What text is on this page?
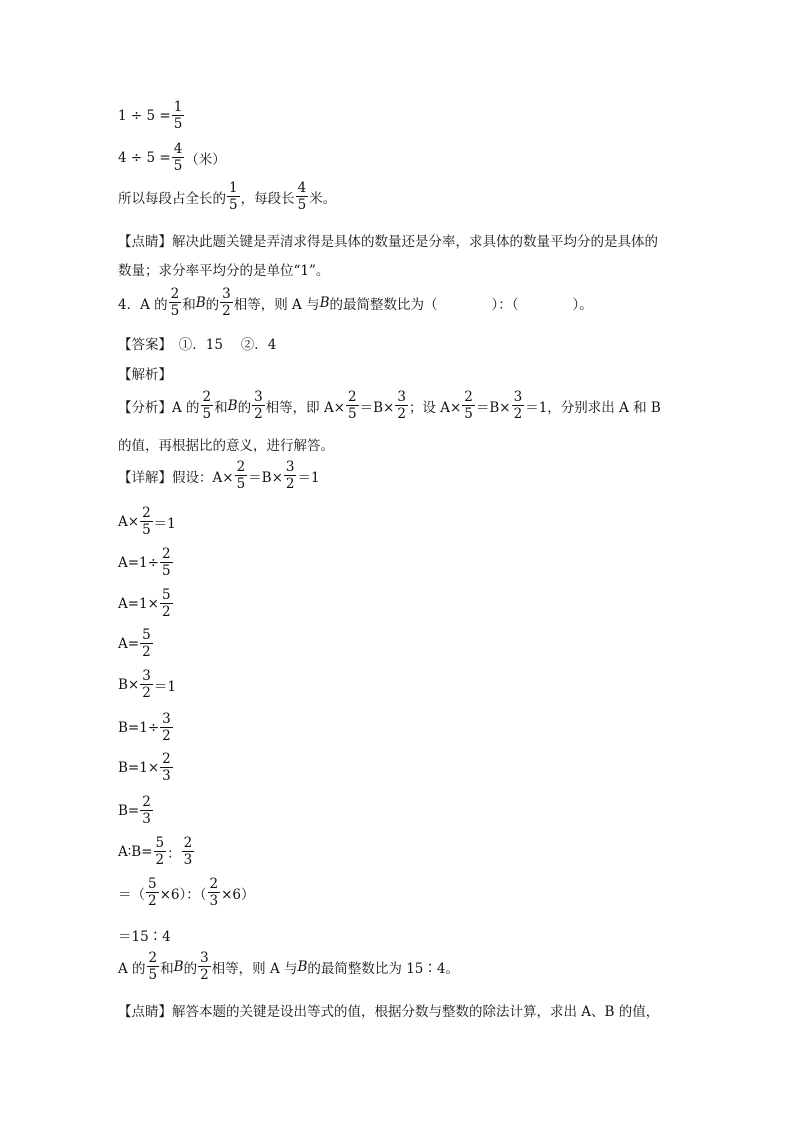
$1 \div 5 = \frac{1}{5}$
$4 \div 5 = \frac{4}{5}$ （米）
所以每段占全长的 $\frac{1}{5}$ ，每段长 $\frac{4}{5}$ 米。
【点睛】解决此题关键是弄清求得是具体的数量还是分率，求具体的数量平均分的是具体的
数量；求分率平均分的是单位“1”。
4．A 的 $\frac{2}{5}$ 和 B 的 $\frac{3}{2}$ 相等，则 A 与 B 的最简整数比为（　　　　）：（　　　　）。
【答案】　①．15　 ②．4
【解析】
【分析】A 的 $\frac{2}{5}$ 和 B 的 $\frac{3}{2}$ 相等，即 $A\times \frac{2}{5} =B\times \frac{3}{2}$ ；设 $A\times \frac{2}{5} =B\times \frac{3}{2} =1$，分别求出 A 和 B
的值，再根据比的意义，进行解答。
【详解】假设：$A\times \frac{2}{5} =B\times \frac{3}{2} =1$
$A\times \frac{2}{5} =1$
$A=1\div \frac{2}{5}$
$A=1\times \frac{5}{2}$
$A= \frac{5}{2}$
$B\times \frac{3}{2} =1$
$B=1\div \frac{3}{2}$
$B=1\times \frac{2}{3}$
$B= \frac{2}{3}$
A∶B= $\frac{5}{2}$ ： $\frac{2}{3}$
＝（ $\frac{5}{2} \times 6$）：（ $\frac{2}{3} \times 6$）
＝15∶4
A 的 $\frac{2}{5}$ 和 B 的 $\frac{3}{2}$ 相等，则 A 与 B 的最简整数比为 15∶4。
【点睛】解答本题的关键是设出等式的值，根据分数与整数的除法计算，求出 A、B 的值，
